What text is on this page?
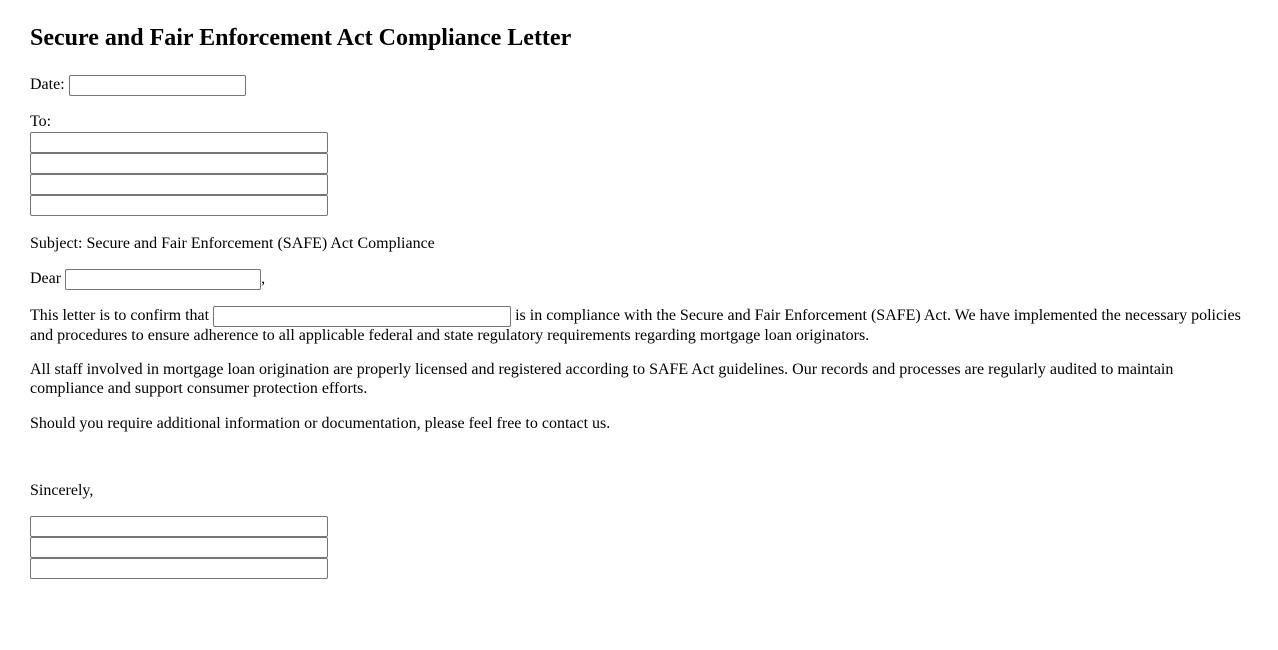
Secure and Fair Enforcement Act Compliance Letter

Date:

To:

Subject: Secure and Fair Enforcement (SAFE) Act Compliance

Dear	,

This letter is to confirm that	is in compliance with the Secure and Fair Enforcement (SAFE) Act. We have implemented the necessary policies and procedures to ensure adherence to all applicable federal and state regulatory requirements regarding mortgage loan originators.

All staff involved in mortgage loan origination are properly licensed and registered according to SAFE Act guidelines. Our records and processes are regularly audited to maintain compliance and support consumer protection efforts.

Should you require additional information or documentation, please feel free to contact us.

Sincerely,
